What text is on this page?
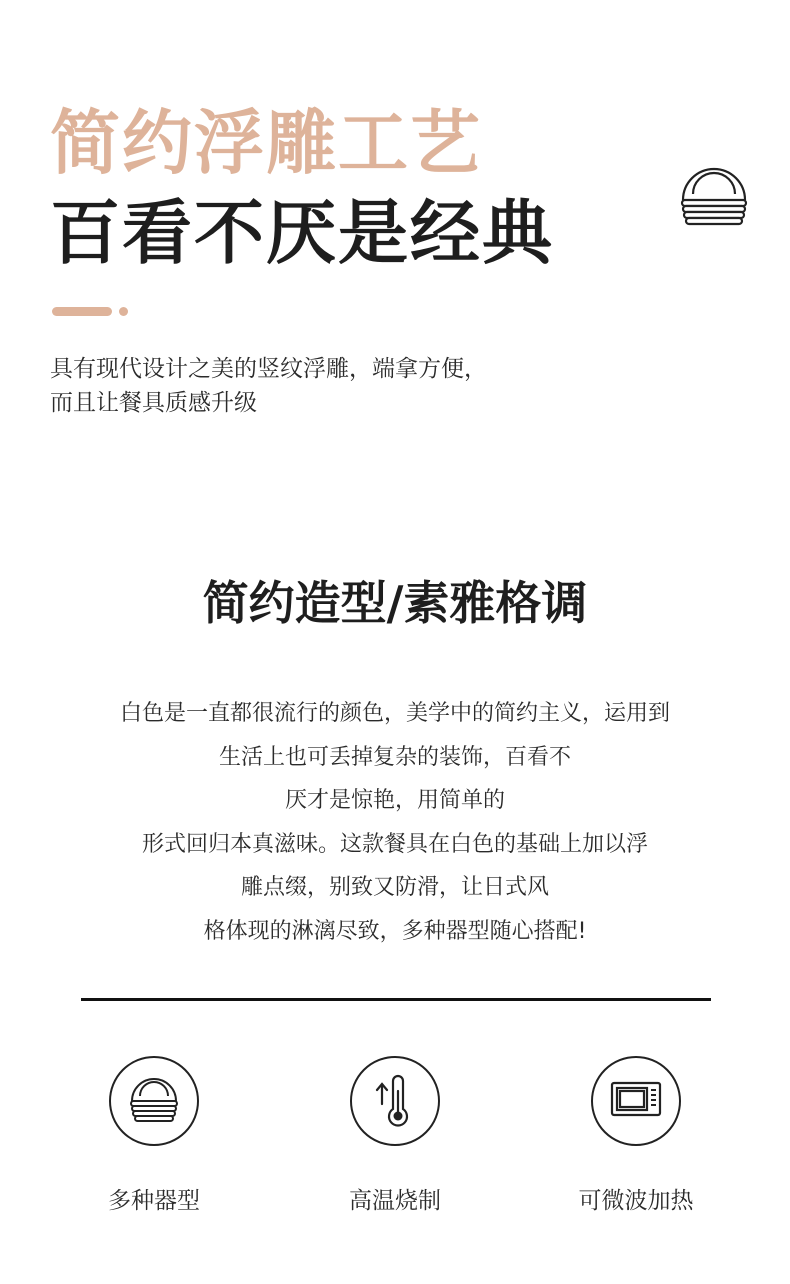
简约浮雕工艺
百看不厌是经典
具有现代设计之美的竖纹浮雕，端拿方便，
而且让餐具质感升级
简约造型/素雅格调
白色是一直都很流行的颜色，美学中的简约主义，运用到
生活上也可丢掉复杂的装饰，百看不
厌才是惊艳，用简单的
形式回归本真滋味。这款餐具在白色的基础上加以浮
雕点缀，别致又防滑，让日式风
格体现的淋漓尽致，多种器型随心搭配!
多种器型	高温烧制	可微波加热
